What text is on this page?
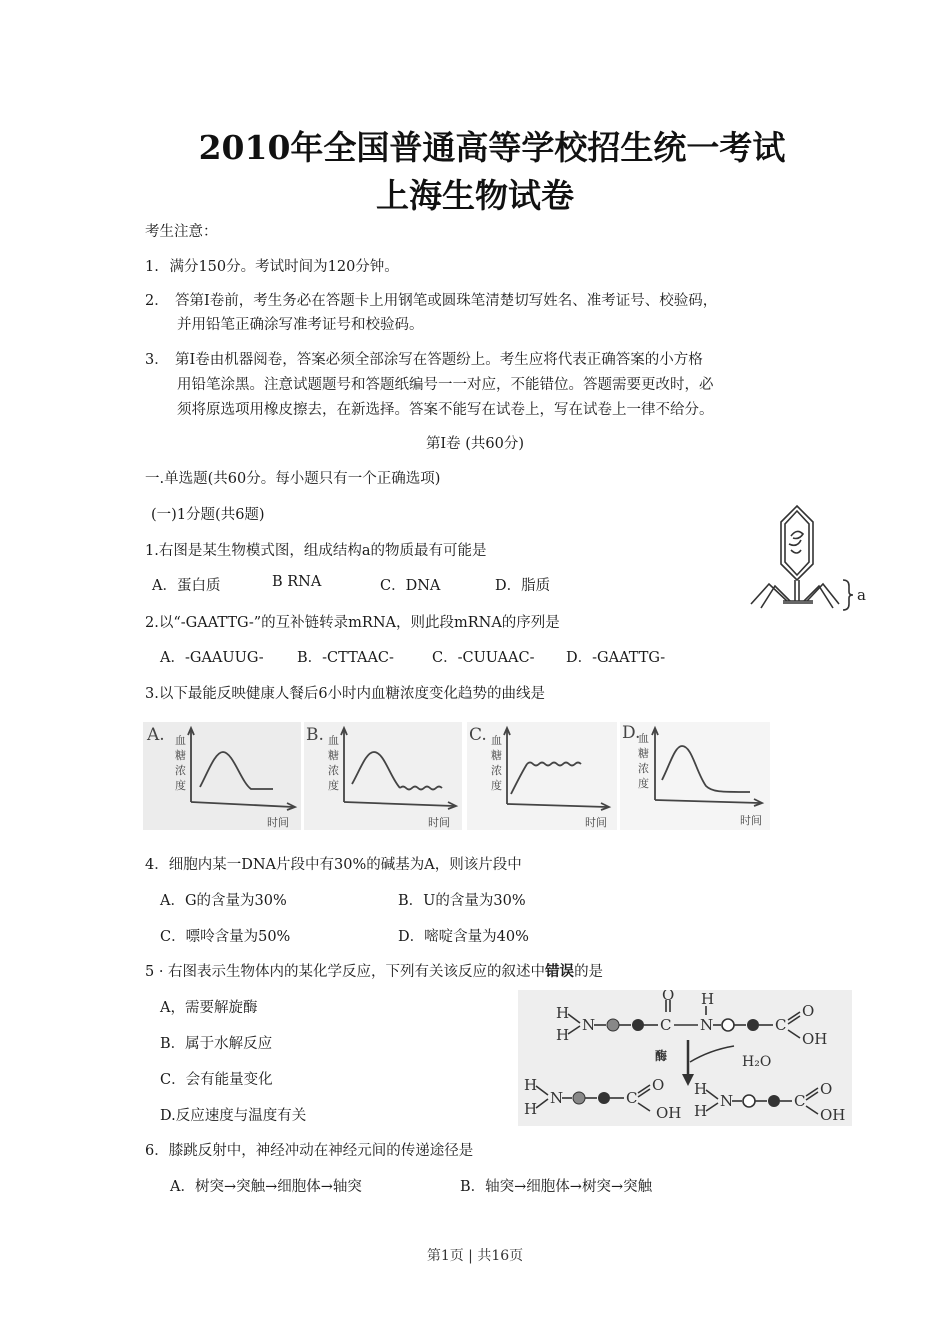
2010年全国普通高等学校招生统一考试
上海生物试卷
考生注意：
1. 满分150分。考试时间为120分钟。
2． 答第Ⅰ卷前，考生务必在答题卡上用钢笔或圆珠笔清楚切写姓名、准考证号、校验码，
并用铅笔正确涂写准考证号和校验码。
3． 第Ⅰ卷由机器阅卷，答案必须全部涂写在答题纷上。考生应将代表正确答案的小方格
用铅笔涂黑。注意试题题号和答题纸编号一一对应，不能错位。答题需要更改时，必
须将原选项用橡皮擦去，在新选择。答案不能写在试卷上，写在试卷上一律不给分。
第Ⅰ卷 (共60分)
一.单选题(共60分。每小题只有一个正确选项)
(一)1分题(共6题)
1.右图是某生物模式图，组成结构a的物质最有可能是
A．蛋白质	B RNA	C．DNA	D．脂质	a
2.以“-GAATTG-”的互补链转录mRNA，则此段mRNA的序列是
A．-GAAUUG- B．-CTTAAC-	C．-CUUAAC- D．-GAATTG-
3.以下最能反映健康人餐后6小时内血糖浓度变化趋势的曲线是
A. 血
糖
浓
度
时间
B. 血
糖
浓
度
时间
C. 血
糖
浓
度
时间
D.
血
糖
浓
度
时间
4．细胞内某一DNA片段中有30%的碱基为A，则该片段中
A．G的含量为30%	B．U的含量为30%
C．嘌呤含量为50%	D．嘧啶含量为40%
5 · 右图表示生物体内的某化学反应，下列有关该反应的叙述中错误的是
A，需要解旋酶
B．属于水解反应
C．会有能量变化
D.反应速度与温度有关
H
H
N	C
O
N
H
C
O
OH
酶	H₂O
H
H
N	C
O
OH
H
H
N	C
O
OH
6．膝跳反射中，神经冲动在神经元间的传递途径是
A．树突→突触→细胞体→轴突	B．轴突→细胞体→树突→突触
第1页 | 共16页
